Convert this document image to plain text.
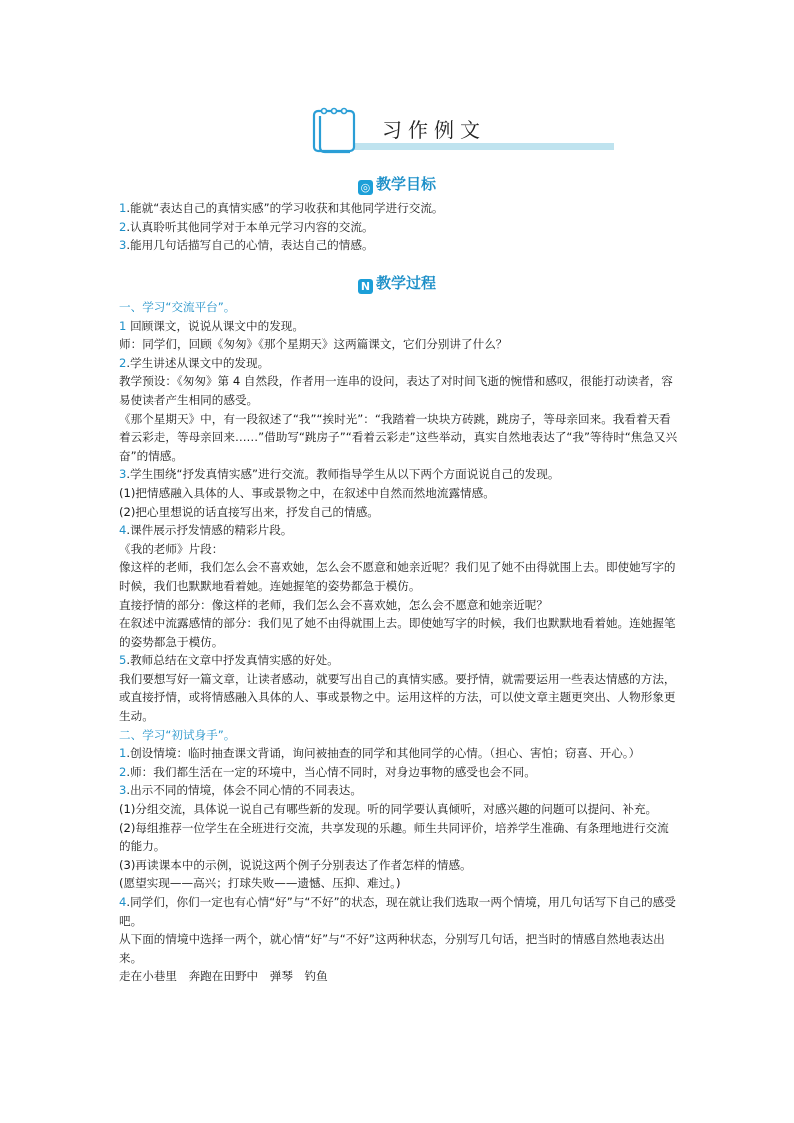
习作例文
◎ 教学目标

1.能就“表达自己的真情实感”的学习收获和其他同学进行交流。

2.认真聆听其他同学对于本单元学习内容的交流。

3.能用几句话描写自己的心情，表达自己的情感。

N 教学过程

一、学习“交流平台”。

1 回顾课文，说说从课文中的发现。

师：同学们，回顾《匆匆》《那个星期天》这两篇课文，它们分别讲了什么？

2.学生讲述从课文中的发现。

教学预设：《匆匆》第 4 自然段，作者用一连串的设问，表达了对时间飞逝的惋惜和感叹，很能打动读者，容易使读者产生相同的感受。

《那个星期天》中，有一段叙述了“我”“挨时光”：“我踏着一块块方砖跳，跳房子，等母亲回来。我看着天看着云彩走，等母亲回来……”借助写“跳房子”“看着云彩走”这些举动，真实自然地表达了“我”等待时“焦急又兴奋”的情感。

3.学生围绕“抒发真情实感”进行交流。教师指导学生从以下两个方面说说自己的发现。

(1)把情感融入具体的人、事或景物之中，在叙述中自然而然地流露情感。

(2)把心里想说的话直接写出来，抒发自己的情感。

4.课件展示抒发情感的精彩片段。

《我的老师》片段：

像这样的老师，我们怎么会不喜欢她，怎么会不愿意和她亲近呢？我们见了她不由得就围上去。即使她写字的时候，我们也默默地看着她。连她握笔的姿势都急于模仿。

直接抒情的部分：像这样的老师，我们怎么会不喜欢她，怎么会不愿意和她亲近呢？

在叙述中流露感情的部分：我们见了她不由得就围上去。即使她写字的时候，我们也默默地看着她。连她握笔的姿势都急于模仿。

5.教师总结在文章中抒发真情实感的好处。

我们要想写好一篇文章，让读者感动，就要写出自己的真情实感。要抒情，就需要运用一些表达情感的方法，或直接抒情，或将情感融入具体的人、事或景物之中。运用这样的方法，可以使文章主题更突出、人物形象更生动。

二、学习“初试身手”。

1.创设情境：临时抽查课文背诵，询问被抽查的同学和其他同学的心情。（担心、害怕；窃喜、开心。）

2.师：我们都生活在一定的环境中，当心情不同时，对身边事物的感受也会不同。

3.出示不同的情境，体会不同心情的不同表达。

(1)分组交流，具体说一说自己有哪些新的发现。听的同学要认真倾听，对感兴趣的问题可以提问、补充。

(2)每组推荐一位学生在全班进行交流，共享发现的乐趣。师生共同评价，培养学生准确、有条理地进行交流的能力。

(3)再读课本中的示例，说说这两个例子分别表达了作者怎样的情感。

(愿望实现——高兴；打球失败——遗憾、压抑、难过。)

4.同学们，你们一定也有心情“好”与“不好”的状态，现在就让我们选取一两个情境，用几句话写下自己的感受吧。

从下面的情境中选择一两个，就心情“好”与“不好”这两种状态，分别写几句话，把当时的情感自然地表达出来。

走在小巷里　奔跑在田野中　弹琴　钓鱼
